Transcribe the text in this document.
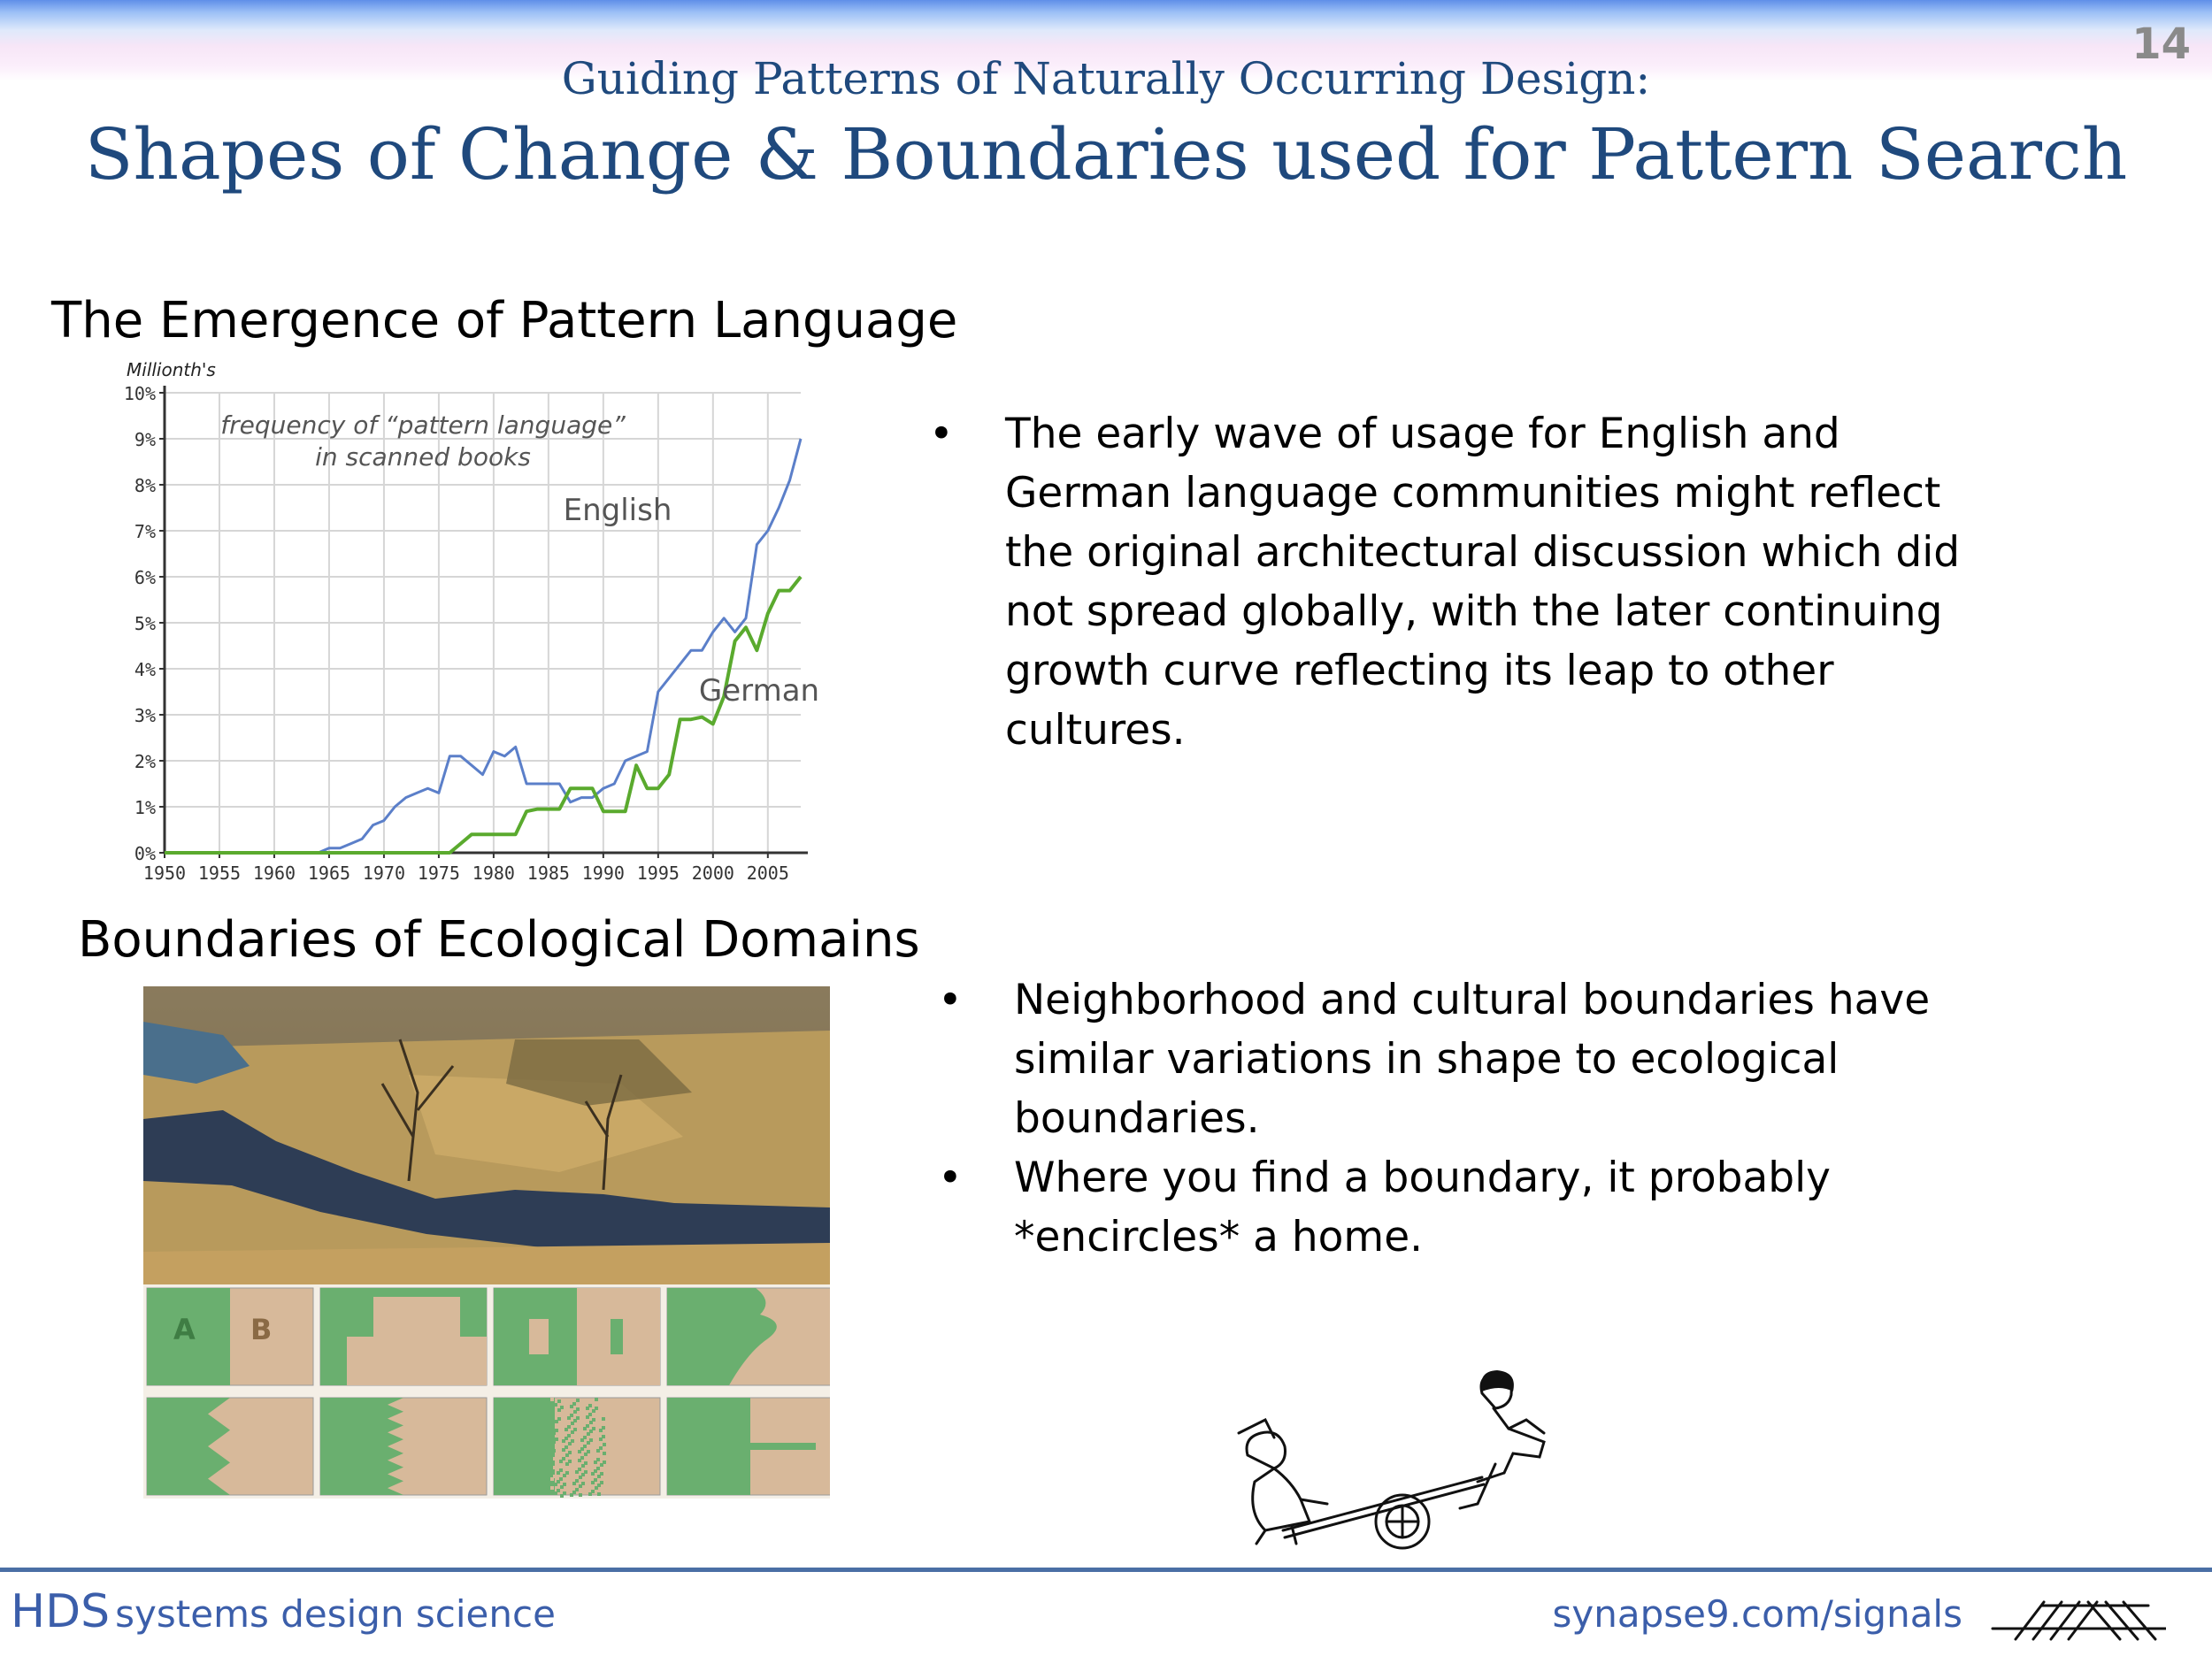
14
Guiding Patterns of Naturally Occurring Design:
Shapes of Change & Boundaries used for Pattern Search
The Emergence of Pattern Language
Millionth's
0%
1%
2%
3%
4%
5%
6%
7%
8%
9%
10%
1950 1955 1960 1965 1970 1975 1980 1985 1990 1995 2000 2005
frequency of “pattern language”
in scanned books
English
German
• The early wave of usage for English and German language communities might reflect the original architectural discussion which did not spread globally, with the later continuing growth curve reflecting its leap to other cultures.
Boundaries of Ecological Domains
A B
• Neighborhood and cultural boundaries have similar variations in shape to ecological boundaries.
• Where you find a boundary, it probably *encircles* a home.
HDS systems design science	synapse9.com/signals
